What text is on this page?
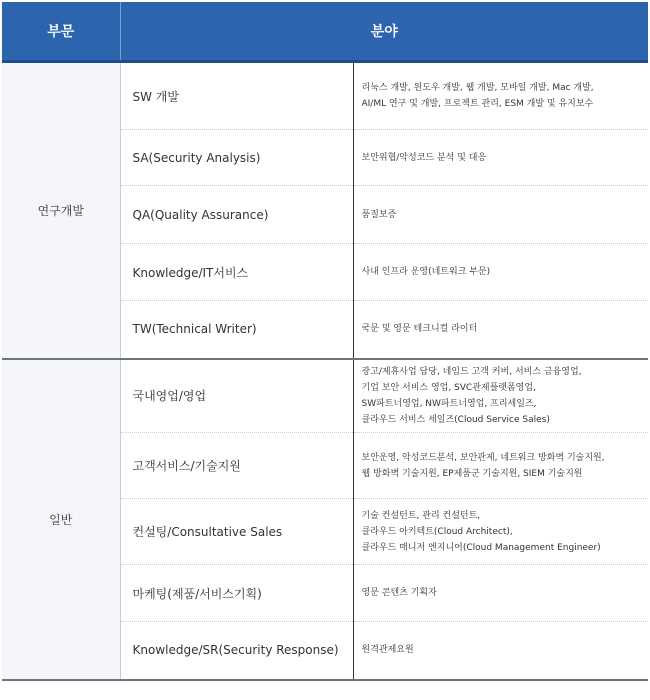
부문	분야	
연구개발	SW 개발	리눅스 개발, 윈도우 개발, 웹 개발, 모바일 개발, Mac 개발,
AI/ML 연구 및 개발, 프로젝트 관리, ESM 개발 및 유지보수

	SA(Security Analysis)	보안위협/악성코드 분석 및 대응

	QA(Quality Assurance)	품질보증

	Knowledge/IT서비스	사내 인프라 운영(네트워크 부문)

	TW(Technical Writer)	국문 및 영문 테크니컬 라이터

일반	국내영업/영업	광고/제휴사업 담당, 네임드 고객 커버, 서비스 금융영업,
기업 보안 서비스 영업, SVC관제플랫폼영업,
SW파트너영업, NW파트너영업, 프리세일즈,
클라우드 서비스 세일즈(Cloud Service Sales)

	고객서비스/기술지원	보안운영, 악성코드분석, 보안관제, 네트워크 방화벽 기술지원,
웹 방화벽 기술지원, EP제품군 기술지원, SIEM 기술지원

	컨설팅/Consultative Sales	기술 컨설턴트, 관리 컨설턴트,
클라우드 아키텍트(Cloud Architect),
클라우드 매니저 엔지니어(Cloud Management Engineer)

	마케팅(제품/서비스기획)	영문 콘텐츠 기획자

	Knowledge/SR(Security Response)	원격관제요원
